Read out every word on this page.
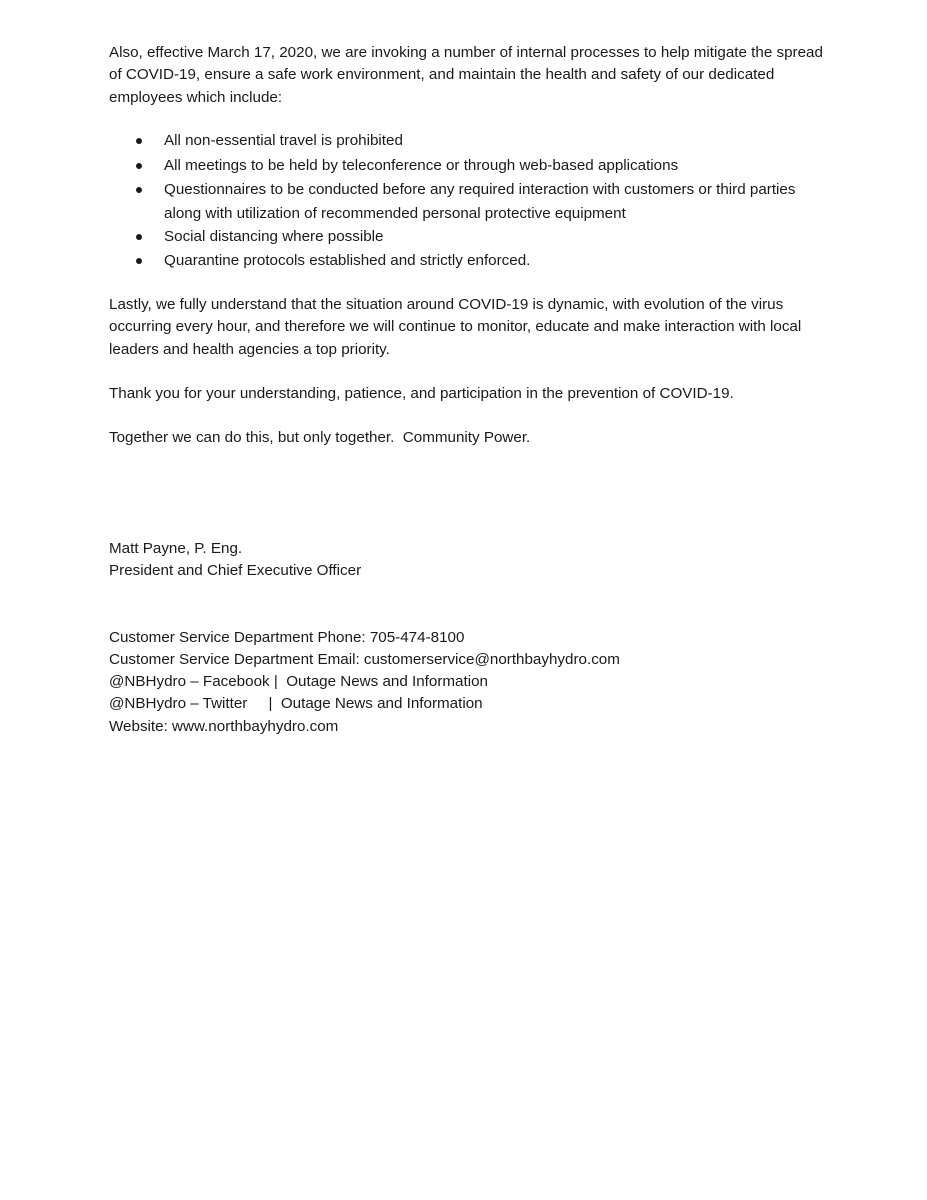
Also, effective March 17, 2020, we are invoking a number of internal processes to help mitigate the spread of COVID-19, ensure a safe work environment, and maintain the health and safety of our dedicated employees which include:

All non-essential travel is prohibited
All meetings to be held by teleconference or through web-based applications
Questionnaires to be conducted before any required interaction with customers or third parties along with utilization of recommended personal protective equipment
Social distancing where possible
Quarantine protocols established and strictly enforced.

Lastly, we fully understand that the situation around COVID-19 is dynamic, with evolution of the virus occurring every hour, and therefore we will continue to monitor, educate and make interaction with local leaders and health agencies a top priority.

Thank you for your understanding, patience, and participation in the prevention of COVID-19.

Together we can do this, but only together.  Community Power.

Matt Payne, P. Eng.

President and Chief Executive Officer

Customer Service Department Phone: 705-474-8100

Customer Service Department Email: customerservice@northbayhydro.com

@NBHydro – Facebook |  Outage News and Information

@NBHydro – Twitter     |  Outage News and Information

Website: www.northbayhydro.com
